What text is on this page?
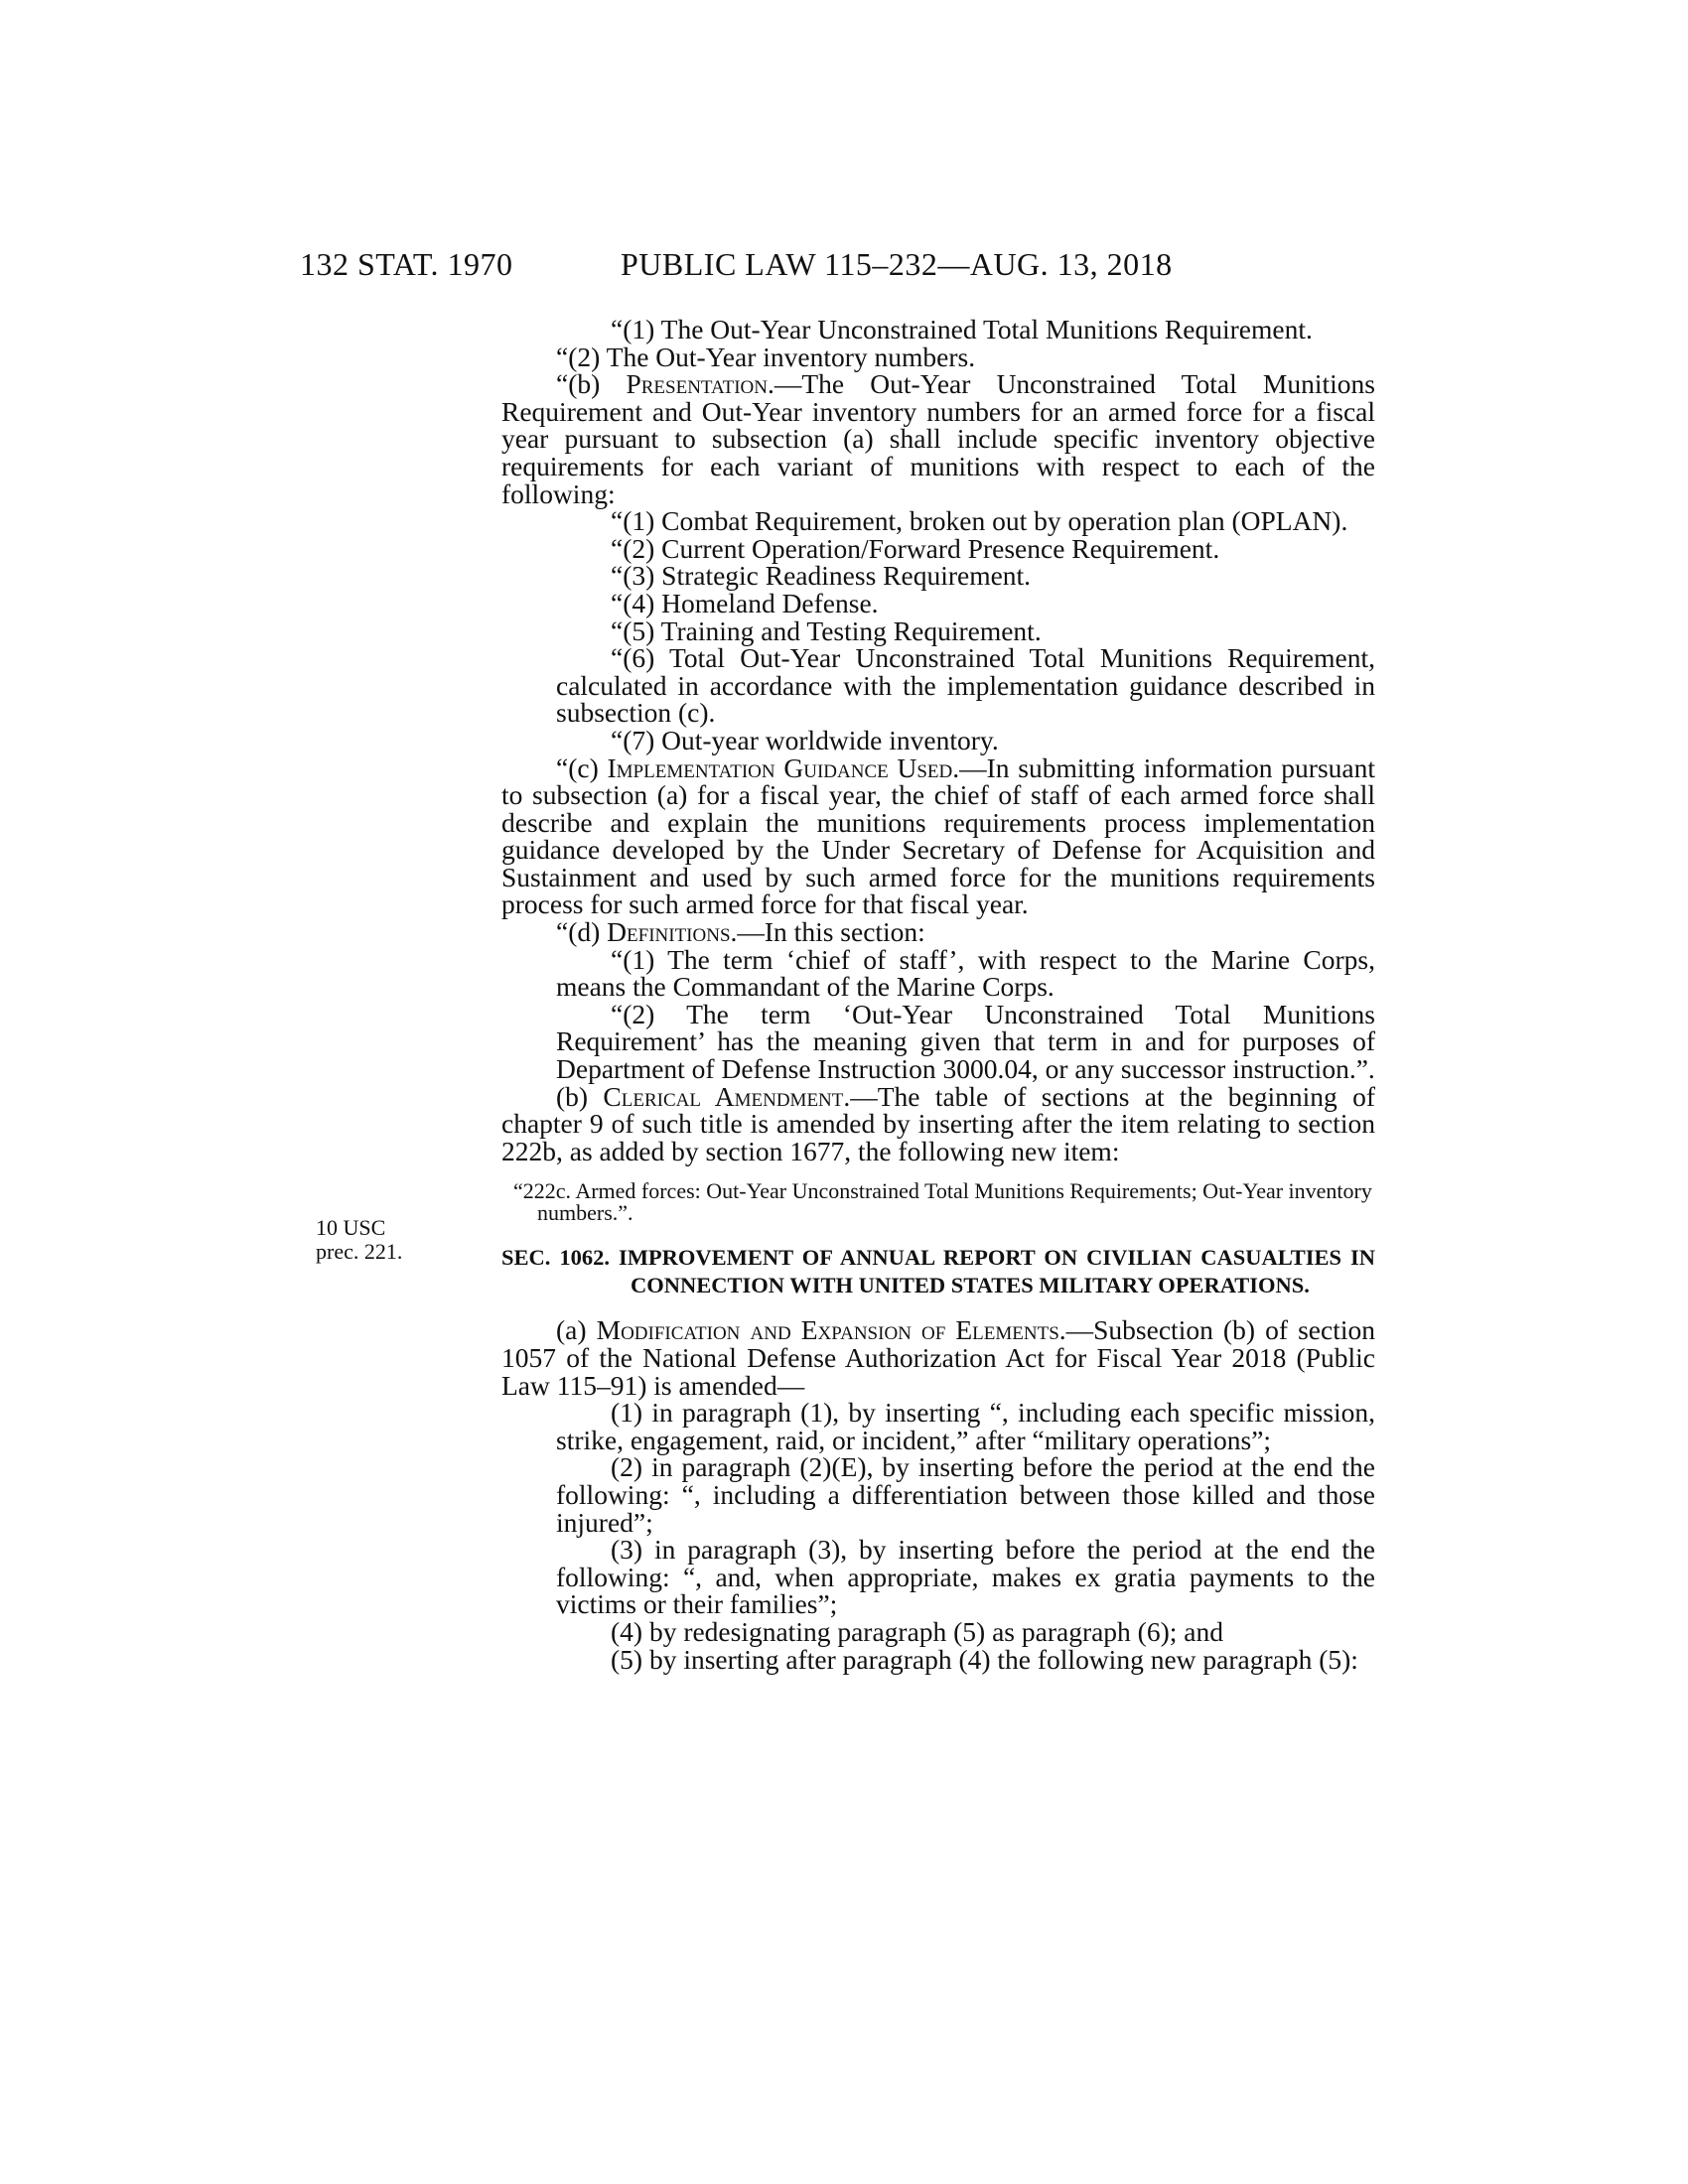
132 STAT. 1970	PUBLIC LAW 115–232—AUG. 13, 2018
10 USC
prec. 221.

“(1) The Out-Year Unconstrained Total Munitions Requirement.

“(2) The Out-Year inventory numbers.

“(b) Presentation.—The Out-Year Unconstrained Total Munitions Requirement and Out-Year inventory numbers for an armed force for a fiscal year pursuant to subsection (a) shall include specific inventory objective requirements for each variant of munitions with respect to each of the following:

“(1) Combat Requirement, broken out by operation plan (OPLAN).

“(2) Current Operation/Forward Presence Requirement.

“(3) Strategic Readiness Requirement.

“(4) Homeland Defense.

“(5) Training and Testing Requirement.

“(6) Total Out-Year Unconstrained Total Munitions Requirement, calculated in accordance with the implementation guidance described in subsection (c).

“(7) Out-year worldwide inventory.

“(c) Implementation Guidance Used.—In submitting information pursuant to subsection (a) for a fiscal year, the chief of staff of each armed force shall describe and explain the munitions requirements process implementation guidance developed by the Under Secretary of Defense for Acquisition and Sustainment and used by such armed force for the munitions requirements process for such armed force for that fiscal year.

“(d) Definitions.—In this section:

“(1) The term ‘chief of staff’, with respect to the Marine Corps, means the Commandant of the Marine Corps.

“(2) The term ‘Out-Year Unconstrained Total Munitions Requirement’ has the meaning given that term in and for purposes of Department of Defense Instruction 3000.04, or any successor instruction.”.

(b) Clerical Amendment.—The table of sections at the beginning of chapter 9 of such title is amended by inserting after the item relating to section 222b, as added by section 1677, the following new item:

“222c. Armed forces: Out-Year Unconstrained Total Munitions Requirements; Out-Year inventory numbers.”.

SEC. 1062. IMPROVEMENT OF ANNUAL REPORT ON CIVILIAN CASUALTIES IN CONNECTION WITH UNITED STATES MILITARY OPERATIONS.

(a) Modification and Expansion of Elements.—Subsection (b) of section 1057 of the National Defense Authorization Act for Fiscal Year 2018 (Public Law 115–91) is amended—

(1) in paragraph (1), by inserting “, including each specific mission, strike, engagement, raid, or incident,” after “military operations”;

(2) in paragraph (2)(E), by inserting before the period at the end the following: “, including a differentiation between those killed and those injured”;

(3) in paragraph (3), by inserting before the period at the end the following: “, and, when appropriate, makes ex gratia payments to the victims or their families”;

(4) by redesignating paragraph (5) as paragraph (6); and

(5) by inserting after paragraph (4) the following new paragraph (5):
